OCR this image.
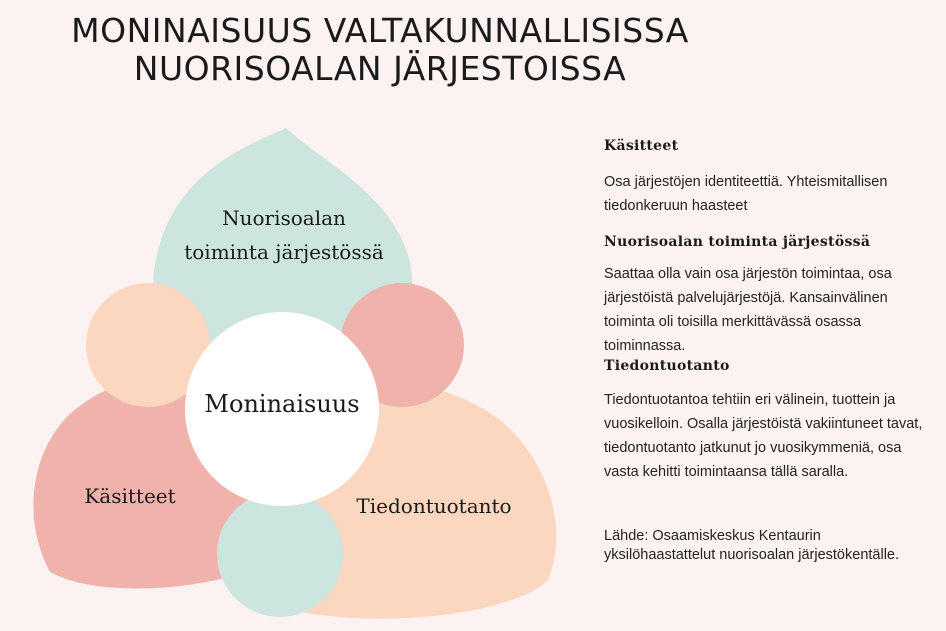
MONINAISUUS VALTAKUNNALLISISSA
NUORISOALAN JÄRJESTOISSA
Moninaisuus
Nuorisoalan
toiminta järjestössä
Käsitteet	Tiedontuotanto
Käsitteet

Osa järjestöjen identiteettiä. Yhteismitallisen tiedonkeruun haasteet

Nuorisoalan toiminta järjestössä

Saattaa olla vain osa järjestön toimintaa, osa järjestöistä palvelujärjestöjä. Kansainvälinen toiminta oli toisilla merkittävässä osassa toiminnassa.

Tiedontuotanto

Tiedontuotantoa tehtiin eri välinein, tuottein ja vuosikelloin. Osalla järjestöistä vakiintuneet tavat, tiedontuotanto jatkunut jo vuosikymmeniä, osa vasta kehitti toimintaansa tällä saralla.

Lähde: Osaamiskeskus Kentaurin yksilöhaastattelut nuorisoalan järjestökentälle.
